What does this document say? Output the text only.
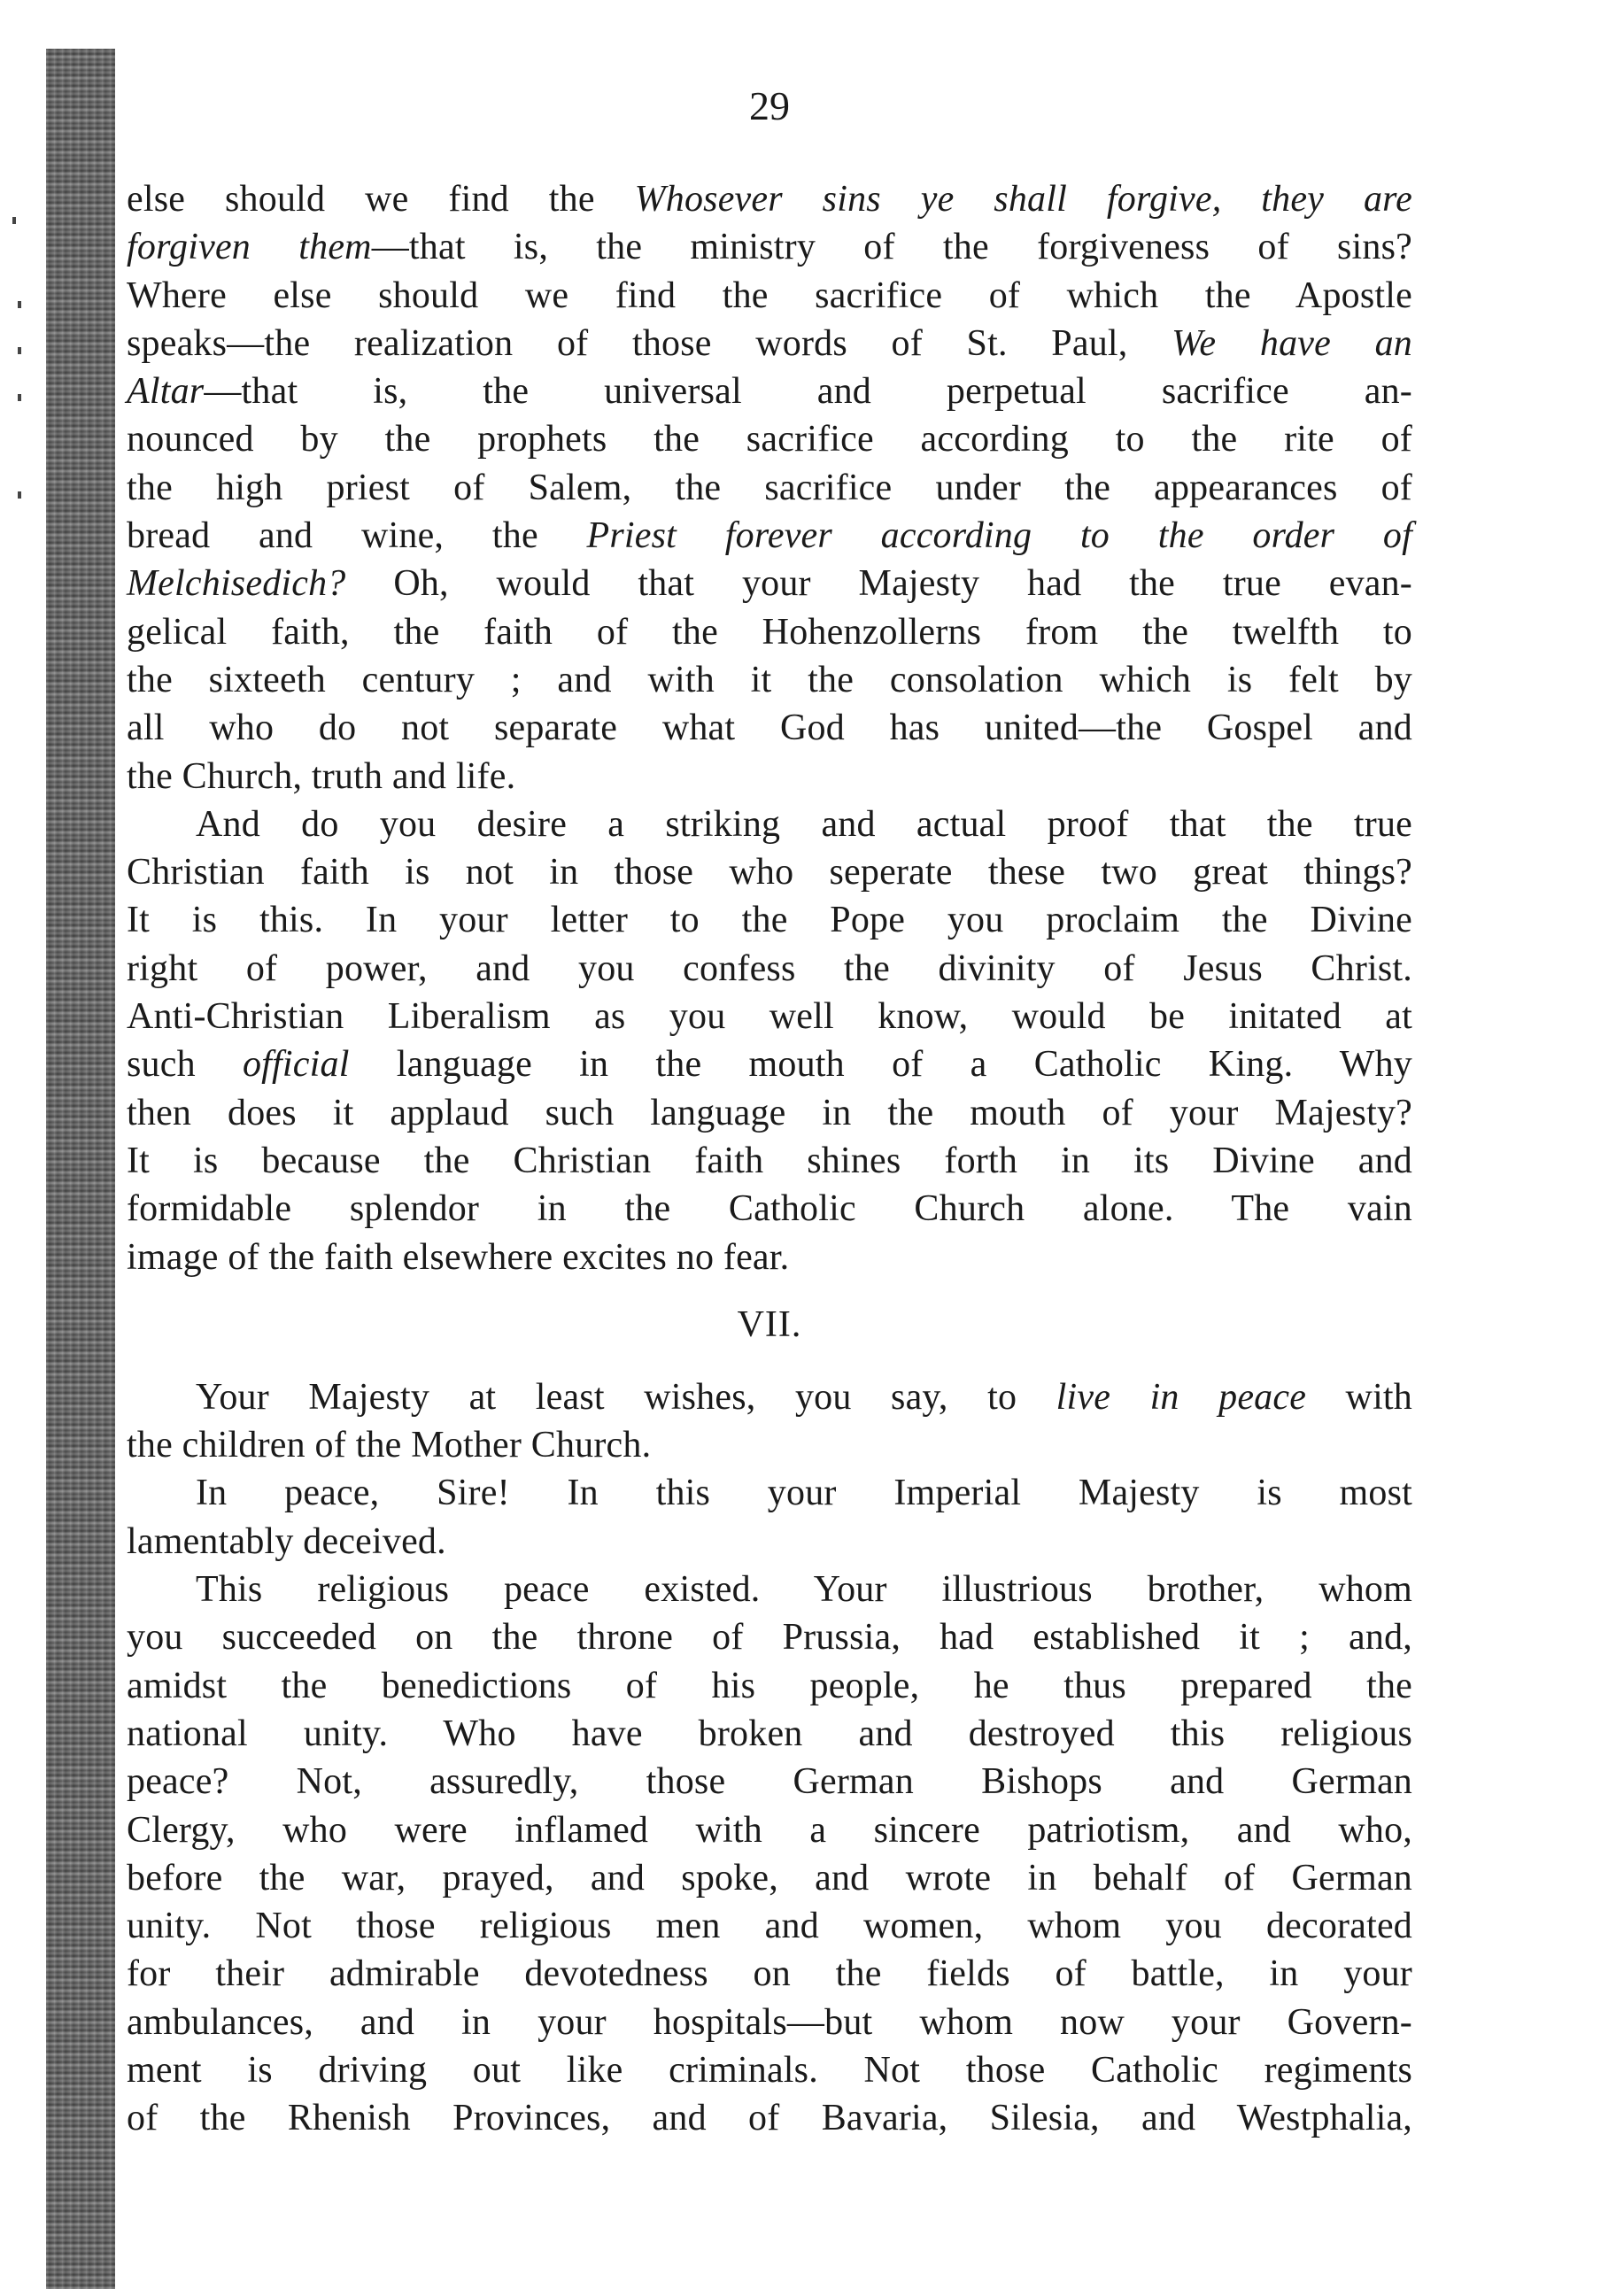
29
else should we find the Whosever sins ye shall forgive, they are
forgiven them—that is, the ministry of the forgiveness of sins?
Where else should we find the sacrifice of which the Apostle
speaks—the realization of those words of St. Paul, We have an
Altar—that is, the universal and perpetual sacrifice an-
nounced by the prophets the sacrifice according to the rite of
the high priest of Salem, the sacrifice under the appearances of
bread and wine, the Priest forever according to the order of
Melchisedich? Oh, would that your Majesty had the true evan-
gelical faith, the faith of the Hohenzollerns from the twelfth to
the sixteeth century ; and with it the consolation which is felt by
all who do not separate what God has united—the Gospel and
the Church, truth and life.
And do you desire a striking and actual proof that the true
Christian faith is not in those who seperate these two great things?
It is this. In your letter to the Pope you proclaim the Divine
right of power, and you confess the divinity of Jesus Christ.
Anti-Christian Liberalism as you well know, would be initated at
such official language in the mouth of a Catholic King. Why
then does it applaud such language in the mouth of your Majesty?
It is because the Christian faith shines forth in its Divine and
formidable splendor in the Catholic Church alone. The vain
image of the faith elsewhere excites no fear.
VII.
Your Majesty at least wishes, you say, to live in peace with
the children of the Mother Church.
In peace, Sire! In this your Imperial Majesty is most
lamentably deceived.
This religious peace existed. Your illustrious brother, whom
you succeeded on the throne of Prussia, had established it ; and,
amidst the benedictions of his people, he thus prepared the
national unity. Who have broken and destroyed this religious
peace? Not, assuredly, those German Bishops and German
Clergy, who were inflamed with a sincere patriotism, and who,
before the war, prayed, and spoke, and wrote in behalf of German
unity. Not those religious men and women, whom you decorated
for their admirable devotedness on the fields of battle, in your
ambulances, and in your hospitals—but whom now your Govern-
ment is driving out like criminals. Not those Catholic regiments
of the Rhenish Provinces, and of Bavaria, Silesia, and Westphalia,
